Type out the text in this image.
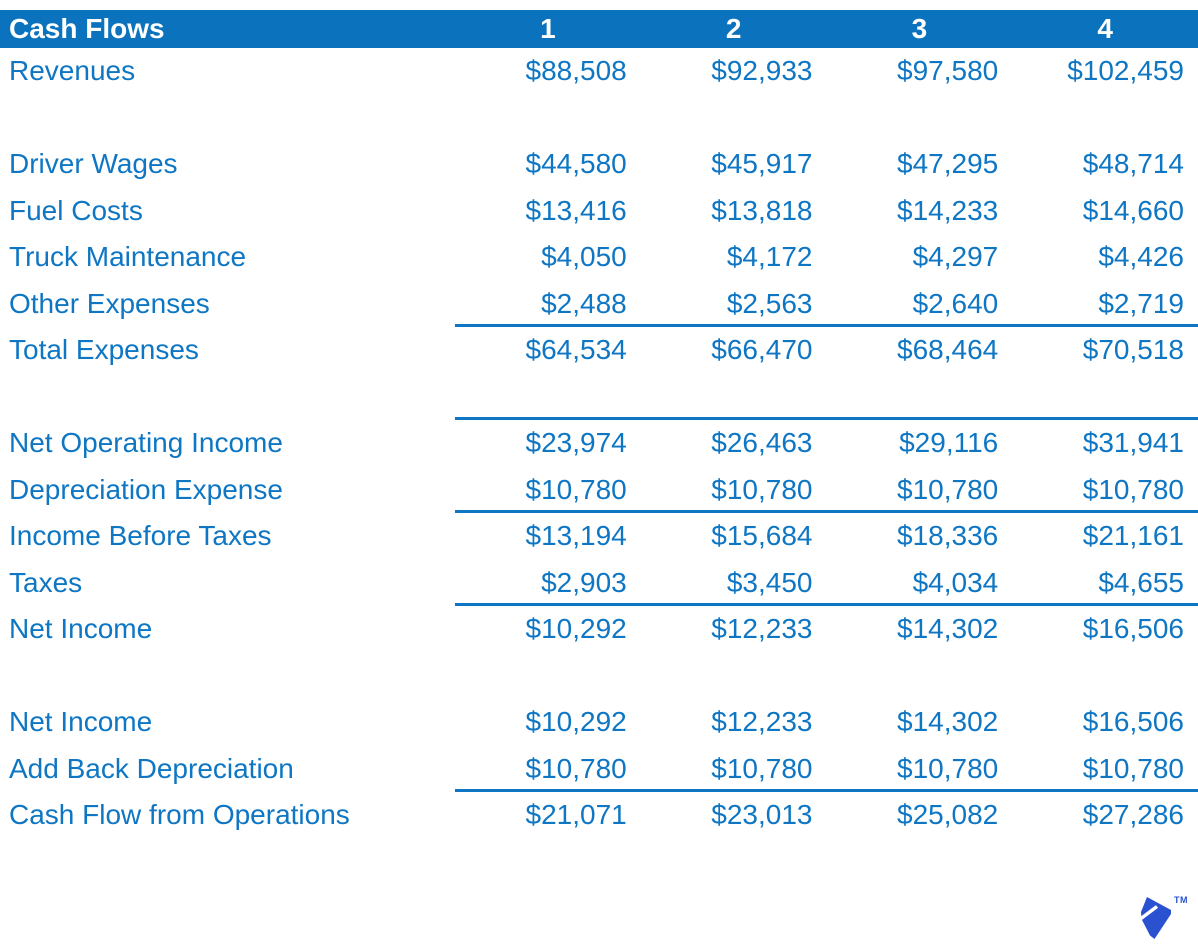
Cash Flows	1	2	3	4
Revenues	$88,508	$92,933	$97,580	$102,459
Driver Wages	$44,580	$45,917	$47,295	$48,714
Fuel Costs	$13,416	$13,818	$14,233	$14,660
Truck Maintenance	$4,050	$4,172	$4,297	$4,426
Other Expenses	$2,488	$2,563	$2,640	$2,719
Total Expenses	$64,534	$66,470	$68,464	$70,518
Net Operating Income	$23,974	$26,463	$29,116	$31,941
Depreciation Expense	$10,780	$10,780	$10,780	$10,780
Income Before Taxes	$13,194	$15,684	$18,336	$21,161
Taxes	$2,903	$3,450	$4,034	$4,655
Net Income	$10,292	$12,233	$14,302	$16,506
Net Income	$10,292	$12,233	$14,302	$16,506
Add Back Depreciation	$10,780	$10,780	$10,780	$10,780
Cash Flow from Operations	$21,071	$23,013	$25,082	$27,286
TM
